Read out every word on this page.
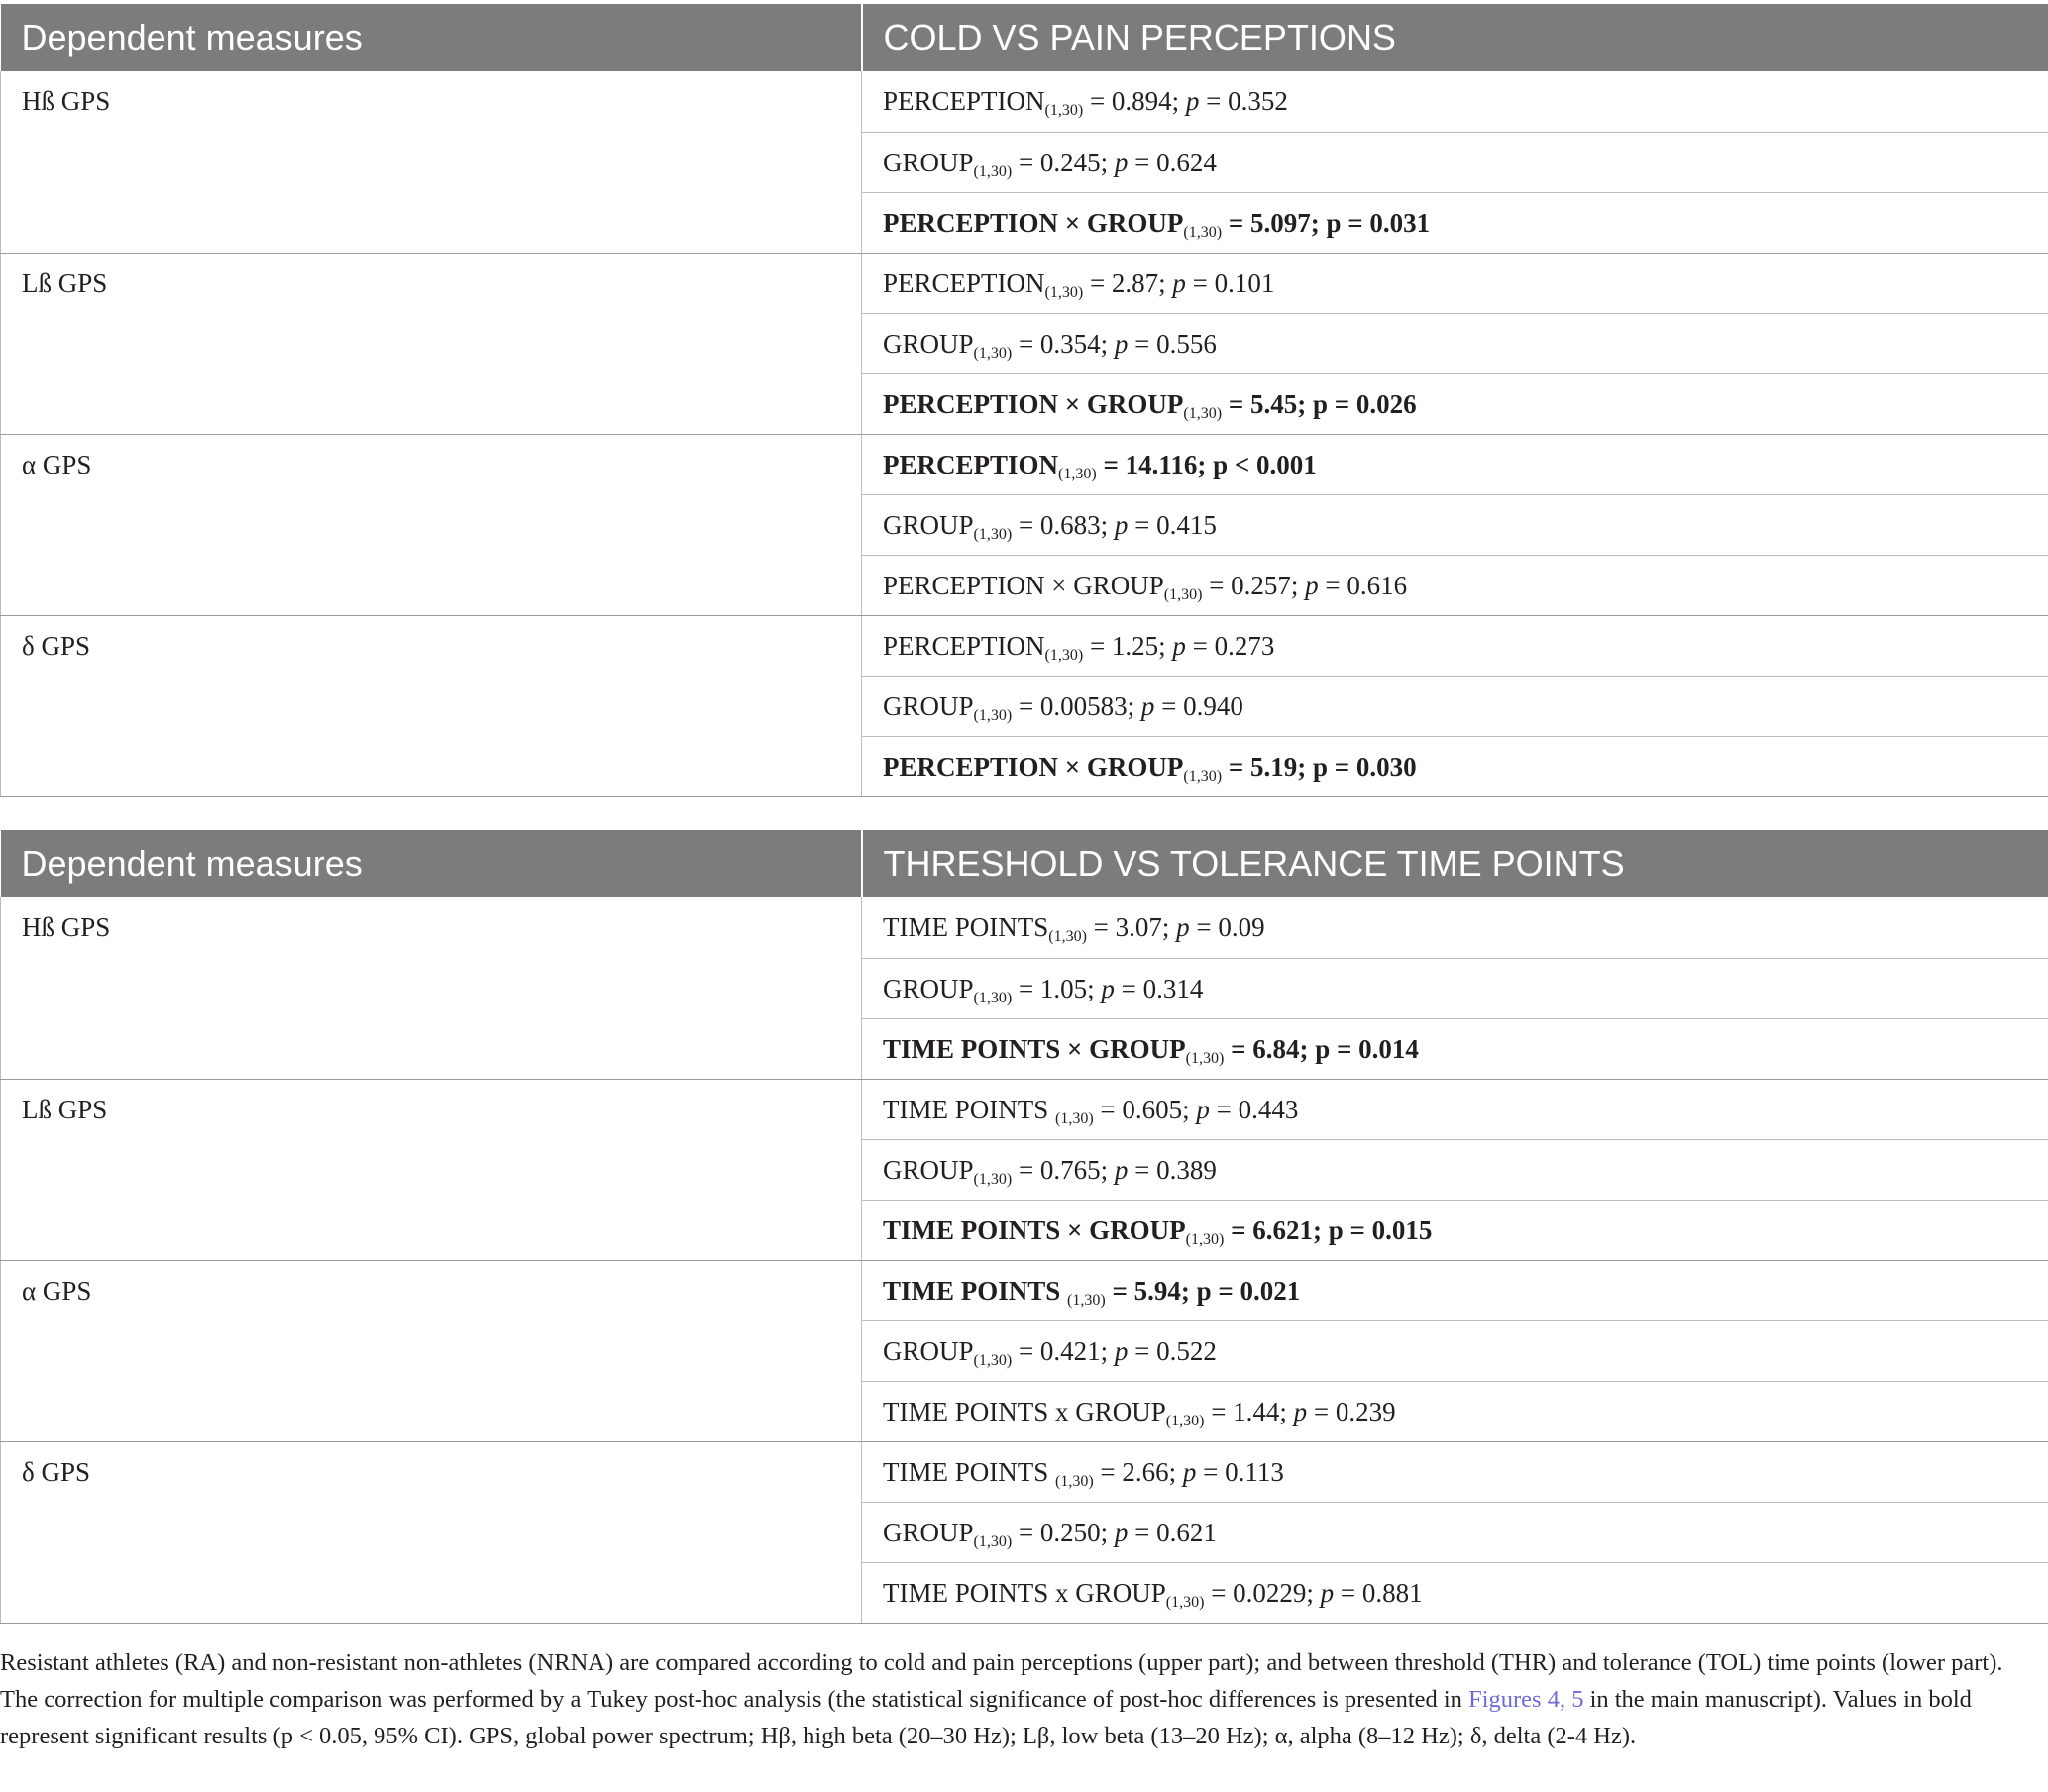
Dependent measures	COLD VS PAIN PERCEPTIONS
Hß GPS	$PERCEPTION_{(1,30)} = 0.894$; p = 0.352
	$GROUP_{(1,30)} = 0.245$; p = 0.624
	PERCEPTION × $GROUP_{(1,30)} = 5.097$; p = 0.031
Lß GPS	$PERCEPTION_{(1,30)} = 2.87$; p = 0.101
	$GROUP_{(1,30)} = 0.354$; p = 0.556
	PERCEPTION × $GROUP_{(1,30)} = 5.45$; p = 0.026
α GPS	$PERCEPTION_{(1,30)} = 14.116$; p < 0.001
	$GROUP_{(1,30)} = 0.683$; p = 0.415
	PERCEPTION × $GROUP_{(1,30)} = 0.257$; p = 0.616
δ GPS	$PERCEPTION_{(1,30)} = 1.25$; p = 0.273
	$GROUP_{(1,30)} = 0.00583$; p = 0.940
	PERCEPTION × $GROUP_{(1,30)} = 5.19$; p = 0.030
Dependent measures	THRESHOLD VS TOLERANCE TIME POINTS
Hß GPS	TIME $POINTS_{(1,30)} = 3.07$; p = 0.09
	$GROUP_{(1,30)} = 1.05$; p = 0.314
	TIME POINTS × $GROUP_{(1,30)} = 6.84$; p = 0.014
Lß GPS	TIME POINTS $_{(1,30)}$ = 0.605; p = 0.443
	$GROUP_{(1,30)} = 0.765$; p = 0.389
	TIME POINTS × $GROUP_{(1,30)} = 6.621$; p = 0.015
α GPS	TIME POINTS $_{(1,30)}$ = 5.94; p = 0.021
	$GROUP_{(1,30)} = 0.421$; p = 0.522
	TIME POINTS x $GROUP_{(1,30)} = 1.44$; p = 0.239
δ GPS	TIME POINTS $_{(1,30)}$ = 2.66; p = 0.113
	$GROUP_{(1,30)} = 0.250$; p = 0.621
	TIME POINTS x $GROUP_{(1,30)} = 0.0229$; p = 0.881
Resistant athletes (RA) and non-resistant non-athletes (NRNA) are compared according to cold and pain perceptions (upper part); and between threshold (THR) and tolerance (TOL) time points (lower part). The correction for multiple comparison was performed by a Tukey post-hoc analysis (the statistical significance of post-hoc differences is presented in Figures 4, 5 in the main manuscript). Values in bold represent significant results (p < 0.05, 95% CI). GPS, global power spectrum; Hβ, high beta (20–30 Hz); Lβ, low beta (13–20 Hz); α, alpha (8–12 Hz); δ, delta (2-4 Hz).
